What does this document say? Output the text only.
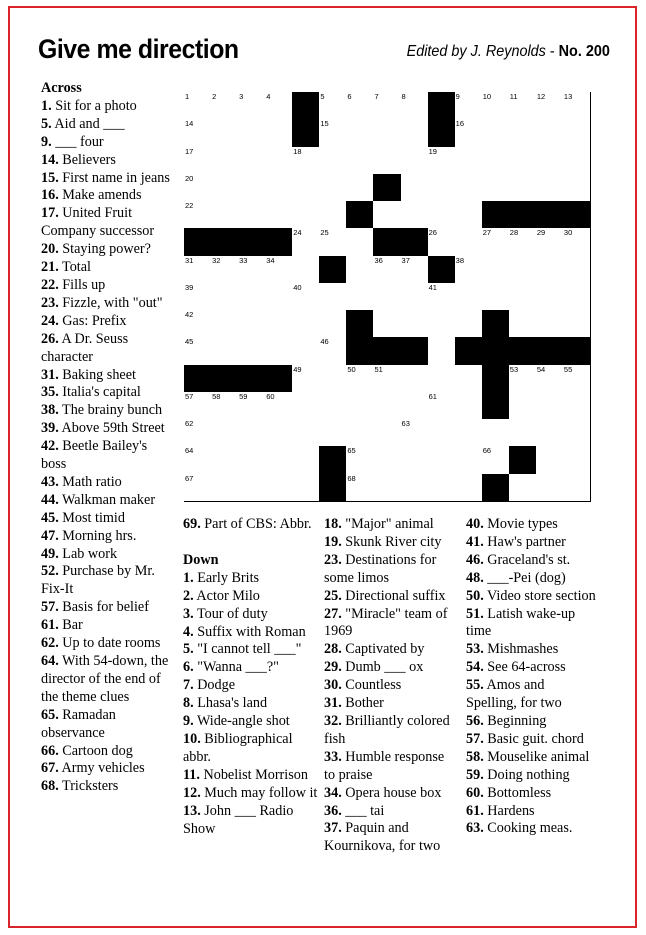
Give me direction	Edited by J. Reynolds - No. 200
1	2	3	4	5	6	7	8	9	10 11	12 13
14	15	16
17	18	19
20
22
24 25	26	27 28 29 30
31 32 33 34	36 37	38
39	40	41
42
45	46
49	50 51	53 54 55
57 58 59 60	61
62	63
64	65	66
67	68
Across
1. Sit for a photo
5. Aid and ___
9. ___ four
14. Believers
15. First name in jeans
16. Make amends
17. United Fruit Company successor
20. Staying power?
21. Total
22. Fills up
23. Fizzle, with "out"
24. Gas: Prefix
26. A Dr. Seuss character
31. Baking sheet
35. Italia's capital
38. The brainy bunch
39. Above 59th Street
42. Beetle Bailey's boss
43. Math ratio
44. Walkman maker
45. Most timid
47. Morning hrs.
49. Lab work
52. Purchase by Mr. Fix-It
57. Basis for belief
61. Bar
62. Up to date rooms
64. With 54-down, the director of the end of the theme clues
65. Ramadan observance
66. Cartoon dog
67. Army vehicles
68. Tricksters
69. Part of CBS: Abbr.
Down
1. Early Brits
2. Actor Milo
3. Tour of duty
4. Suffix with Roman
5. "I cannot tell ___"
6. "Wanna ___?"
7. Dodge
8. Lhasa's land
9. Wide-angle shot
10. Bibliographical abbr.
11. Nobelist Morrison
12. Much may follow it
13. John ___ Radio Show
18. "Major" animal
19. Skunk River city
23. Destinations for some limos
25. Directional suffix
27. "Miracle" team of 1969
28. Captivated by
29. Dumb ___ ox
30. Countless
31. Bother
32. Brilliantly colored fish
33. Humble response to praise
34. Opera house box
36. ___ tai
37. Paquin and Kournikova, for two
40. Movie types
41. Haw's partner
46. Graceland's st.
48. ___-Pei (dog)
50. Video store section
51. Latish wake-up time
53. Mishmashes
54. See 64-across
55. Amos and Spelling, for two
56. Beginning
57. Basic guit. chord
58. Mouselike animal
59. Doing nothing
60. Bottomless
61. Hardens
63. Cooking meas.
